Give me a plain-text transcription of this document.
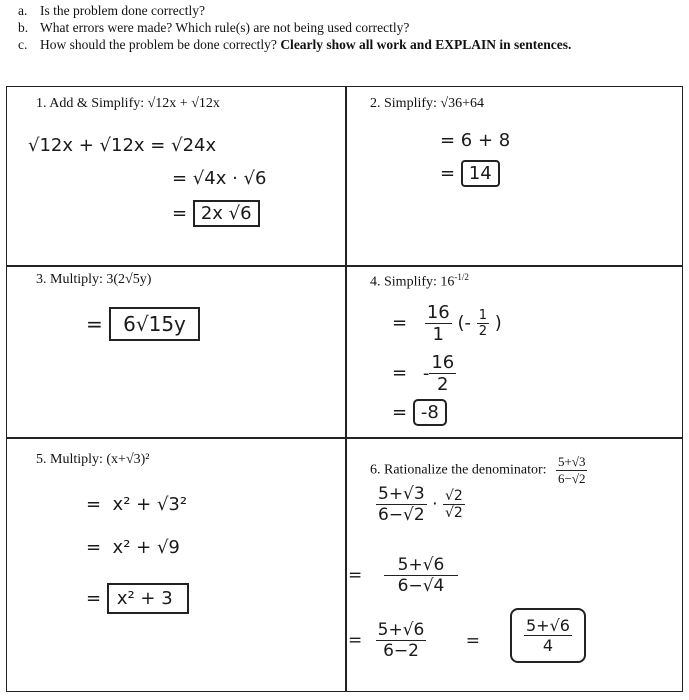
a. Is the problem done correctly?
b. What errors were made? Which rule(s) are not being used correctly?
c. How should the problem be done correctly? Clearly show all work and EXPLAIN in sentences.
1. Add & Simplify: √12x + √12x
√12x + √12x = √24x
= √4x · √6
= 2x √6
2. Simplify: √36+64
= 6 + 8
= 14
3. Multiply: 3(2√5y)
= 6√15y
4. Simplify: $16^{-1/2}$
= $\frac{16}{1}$ (- $\frac{1}{2}$ )
= - $\frac{16}{2}$
= -8
5. Multiply: (x+√3)²
= x² + √3²
= x² + √9
= x² + 3
6. Rationalize the denominator: $\frac{5+√3}{6-√2}$
$\frac{5+√3}{6-√2} \cdot \frac{√2}{√2}$
= $\frac{5+√6}{6-√4}$
= $\frac{5+√6}{6-2}$ =	$\frac{5+√6}{4}$
